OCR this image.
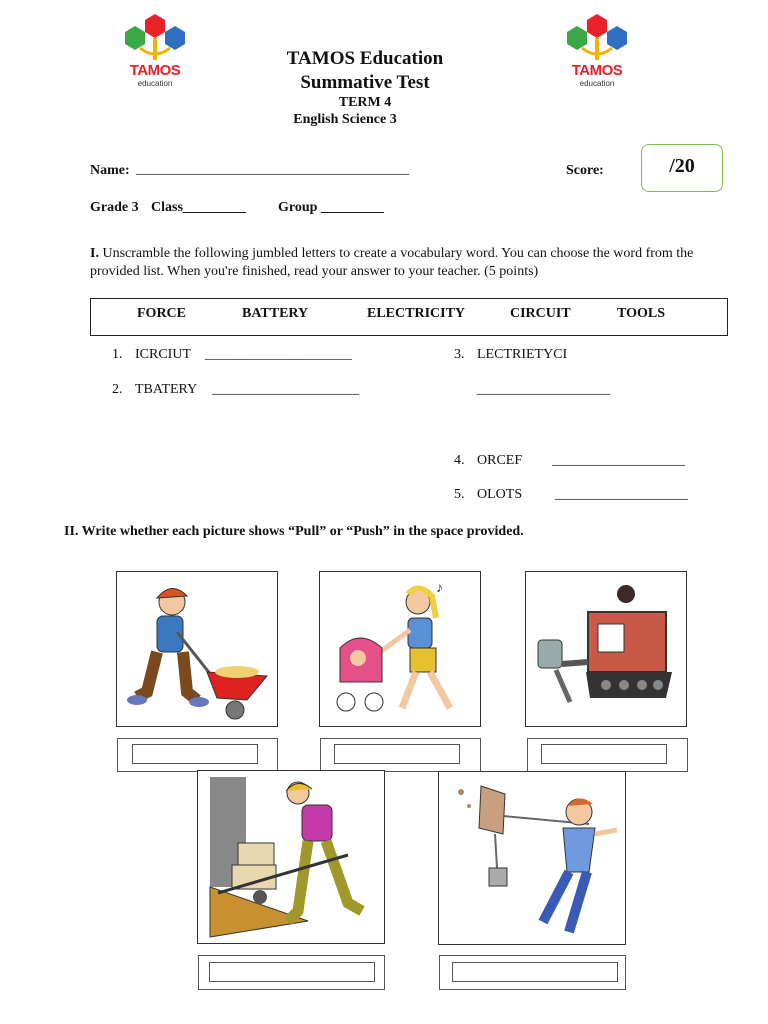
TAMOS
education
TAMOS
education
TAMOS Education
Summative Test
TERM 4
English Science 3
Name: _______________________________________	Score:	/20
Grade 3 Class_________ Group _________
I. Unscramble the following jumbled letters to create a vocabulary word. You can choose the word from the provided list. When you're finished, read your answer to your teacher. (5 points)
FORCE	BATTERY	ELECTRICITY	CIRCUIT	TOOLS
1. ICRCIUT _____________________
2. TBATERY _____________________
3. LECTRIETYCI
___________________
4. ORCEF ___________________
5. OLOTS ___________________
II. Write whether each picture shows “Pull” or “Push” in the space provided.
♪
